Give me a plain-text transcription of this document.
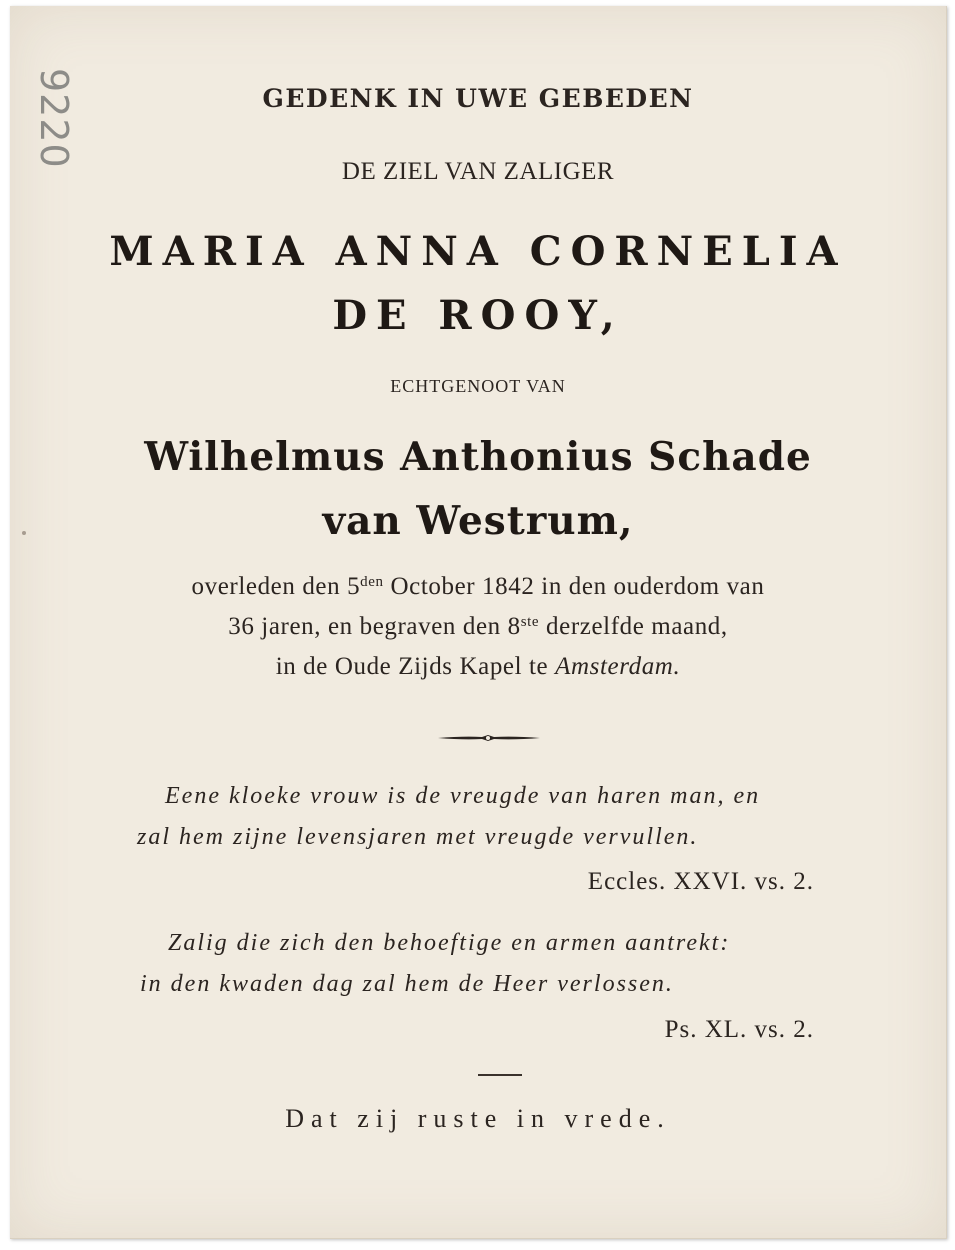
9220	GEDENK IN UWE GEBEDEN
DE ZIEL VAN ZALIGER
MARIA ANNA CORNELIA
DE ROOY,
ECHTGENOOT VAN
Wilhelmus Anthonius Schade
van Westrum,
overleden den $5^{den}$ October 1842 in den ouderdom van
36 jaren, en begraven den 8ste derzelfde maand,
in de Oude Zijds Kapel te Amsterdam.
Eene kloeke vrouw is de vreugde van haren man, en
zal hem zijne levensjaren met vreugde vervullen.
Eccles. XXVI. vs. 2.
Zalig die zich den behoeftige en armen aantrekt:
in den kwaden dag zal hem de Heer verlossen.
Ps. XL. vs. 2.
Dat zij ruste in vrede.
